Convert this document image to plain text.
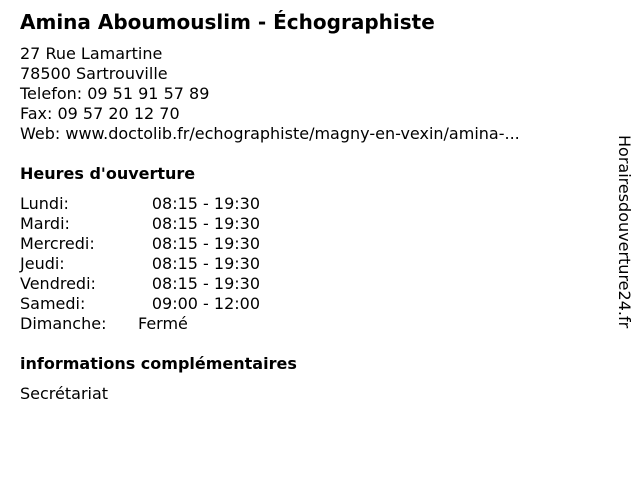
Amina Aboumouslim - Échographiste
27 Rue Lamartine
78500 Sartrouville
Telefon: 09 51 91 57 89
Fax: 09 57 20 12 70
Web: www.doctolib.fr/echographiste/magny-en-vexin/amina-...
Heures d'ouverture
Lundi:	08:15 - 19:30
Mardi:	08:15 - 19:30
Mercredi:	08:15 - 19:30
Jeudi:	08:15 - 19:30
Vendredi:	08:15 - 19:30
Samedi:	09:00 - 12:00
Dimanche:	Fermé
informations complémentaires
Secrétariat
Horairesdouverture24.fr
